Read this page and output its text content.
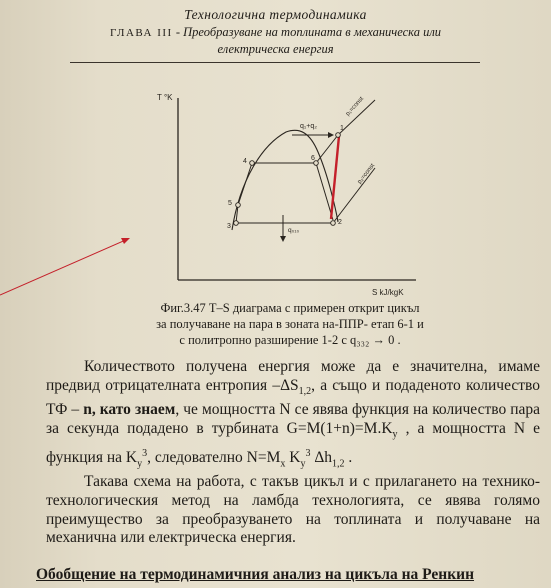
Технологична термодинамика
ГЛАВА III - Преобразуване на топлината в механическа или
електрическа енергия
T °K
S kJ/kgK
p₁=const
p₂=const
q₁+q₂
q₀₁₀
1
2
3
4
5
6
Фиг.3.47 T–S диаграма с примерен открит цикъл
за получаване на пара в зоната на-ППР- етап 6-1 и
с политропно разширение 1-2 с q₃₃₂ → 0 .

Количеството получена енергия може да е значителна, имаме предвид отрицателната ентропия $-\Delta S_{1,2}$, а също и подаденото количество ТФ – n, като знаем, че мощността N се явява функция на количество пара за секунда подадено в турбината $G=M(1+n)=M.K_y$ , а мощността N е функция на $K_y^3$, следователно $N=M_x$ $K_y^3$ $\Delta h_{1,2}$ .

Такава схема на работа, с такъв цикъл и с прилагането на технико-технологическия метод на ламбда технологията, се явява голямо преимущество за преобразуването на топлината и получаване на механична или електрическа енергия.

Обобщение на термодинамичния анализ на цикъла на Ренкин
